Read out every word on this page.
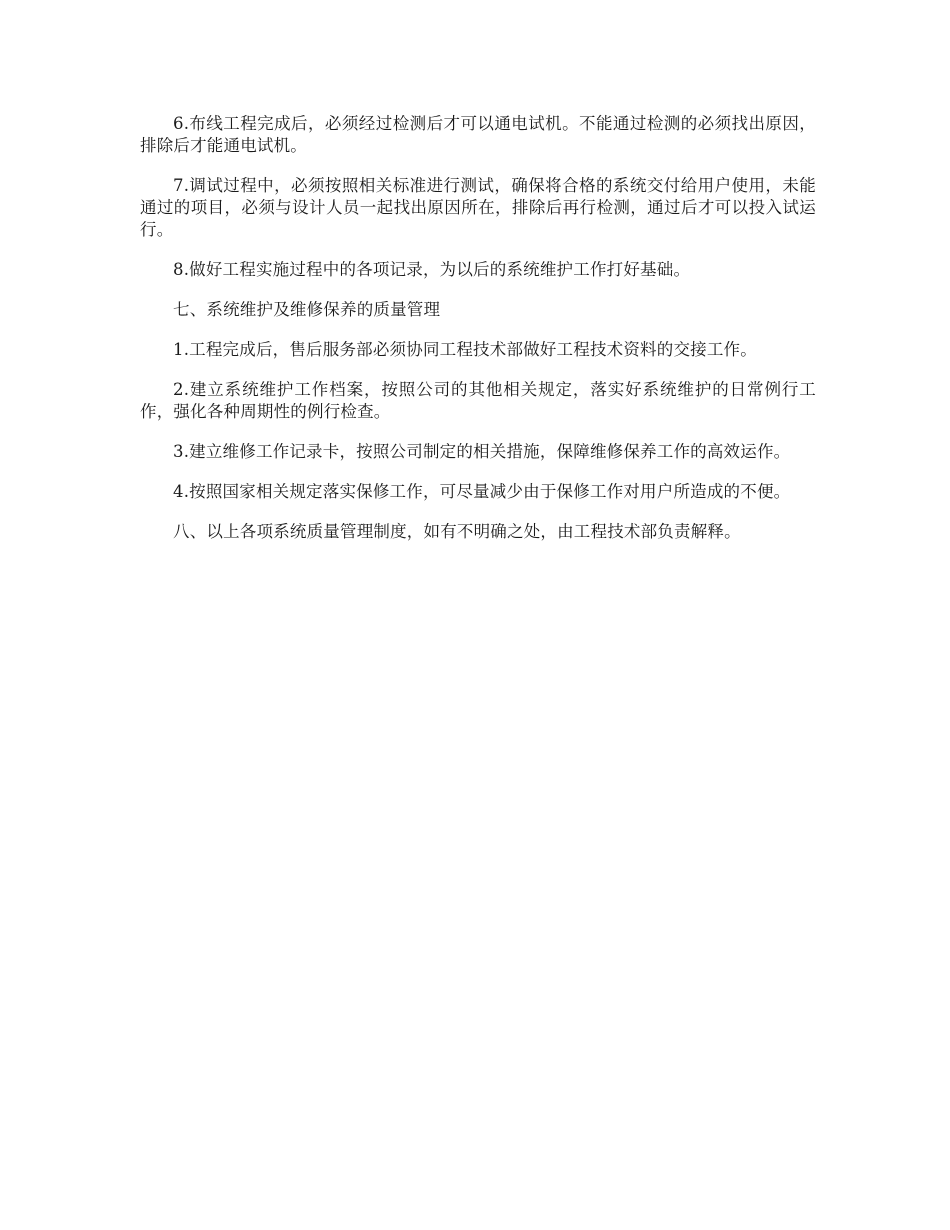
6.布线工程完成后，必须经过检测后才可以通电试机。不能通过检测的必须找出原因，排除后才能通电试机。

7.调试过程中，必须按照相关标准进行测试，确保将合格的系统交付给用户使用，未能通过的项目，必须与设计人员一起找出原因所在，排除后再行检测，通过后才可以投入试运行。

8.做好工程实施过程中的各项记录，为以后的系统维护工作打好基础。

七、系统维护及维修保养的质量管理

1.工程完成后，售后服务部必须协同工程技术部做好工程技术资料的交接工作。

2.建立系统维护工作档案，按照公司的其他相关规定，落实好系统维护的日常例行工作，强化各种周期性的例行检查。

3.建立维修工作记录卡，按照公司制定的相关措施，保障维修保养工作的高效运作。

4.按照国家相关规定落实保修工作，可尽量减少由于保修工作对用户所造成的不便。

八、以上各项系统质量管理制度，如有不明确之处，由工程技术部负责解释。
